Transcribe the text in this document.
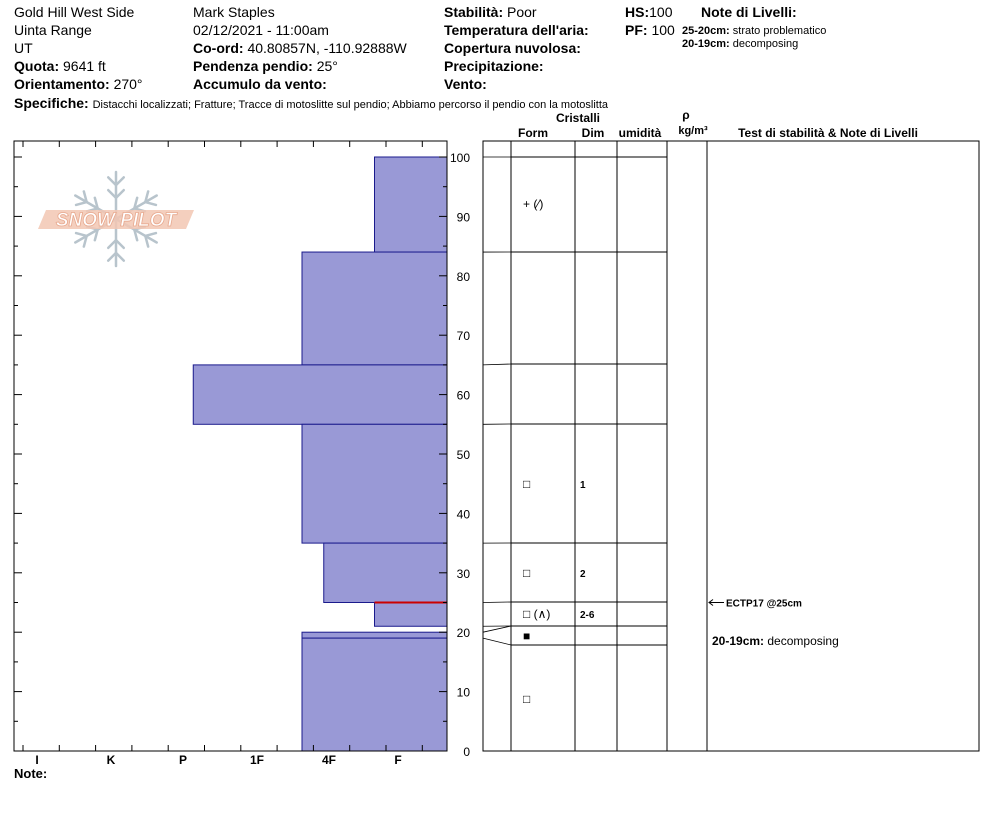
Gold Hill West Side
Uinta Range
UT
Quota: 9641 ft
Orientamento: 270°
Mark Staples
02/12/2021 - 11:00am
Co-ord: 40.80857N, -110.92888W
Pendenza pendio: 25°
Accumulo da vento:
Stabilità: Poor
Temperatura dell'aria:
Copertura nuvolosa:
Precipitazione:
Vento:
HS:100
PF: 100
Note di Livelli:
25-20cm: strato problematico
20-19cm: decomposing
Specifiche: Distacchi localizzati; Fratture; Tracce di motoslitte sul pendio; Abbiamo percorso il pendio con la motoslitta
SNOW PILOT
0
10
20
30
40
50
60
70
80
90
100
I	K	P	1F	4F	F
+ (⁄)
□	1
□	2
□ (∧)	2-6
■
□
ECTP17 @25cm
20-19cm: decomposing
Cristalli
Form	Dim umidità
ρ
kg/m³	Test di stabilità & Note di Livelli
Note:
